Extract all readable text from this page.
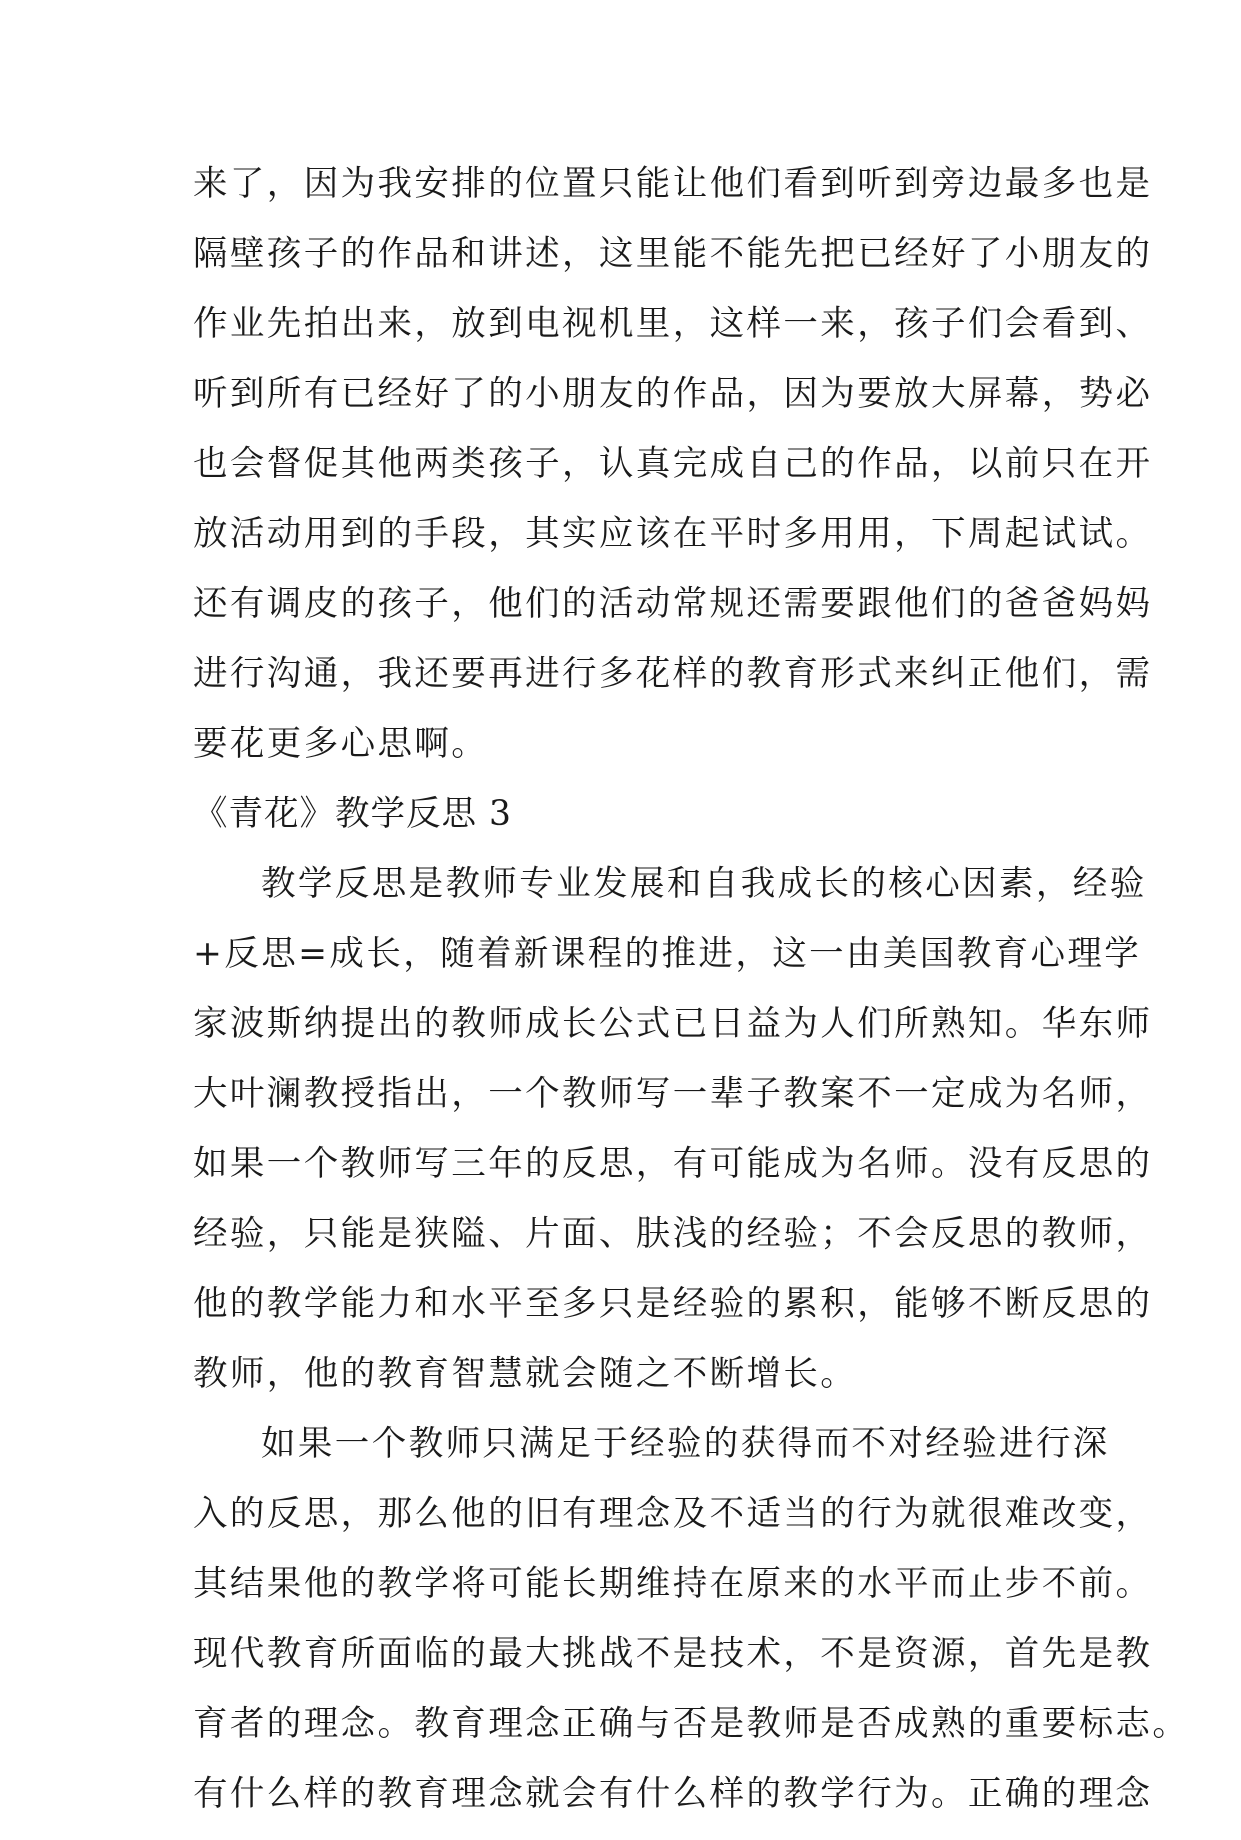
来了，因为我安排的位置只能让他们看到听到旁边最多也是
隔壁孩子的作品和讲述，这里能不能先把已经好了小朋友的
作业先拍出来，放到电视机里，这样一来，孩子们会看到、
听到所有已经好了的小朋友的作品，因为要放大屏幕，势必
也会督促其他两类孩子，认真完成自己的作品，以前只在开
放活动用到的手段，其实应该在平时多用用，下周起试试。
还有调皮的孩子，他们的活动常规还需要跟他们的爸爸妈妈
进行沟通，我还要再进行多花样的教育形式来纠正他们，需
要花更多心思啊。
《青花》教学反思 3
教学反思是教师专业发展和自我成长的核心因素，经验
+反思=成长，随着新课程的推进，这一由美国教育心理学
家波斯纳提出的教师成长公式已日益为人们所熟知。华东师
大叶澜教授指出，一个教师写一辈子教案不一定成为名师，
如果一个教师写三年的反思，有可能成为名师。没有反思的
经验，只能是狭隘、片面、肤浅的经验；不会反思的教师，
他的教学能力和水平至多只是经验的累积，能够不断反思的
教师，他的教育智慧就会随之不断增长。
如果一个教师只满足于经验的获得而不对经验进行深
入的反思，那么他的旧有理念及不适当的行为就很难改变，
其结果他的教学将可能长期维持在原来的水平而止步不前。
现代教育所面临的最大挑战不是技术，不是资源，首先是教
育者的理念。教育理念正确与否是教师是否成熟的重要标志。
有什么样的教育理念就会有什么样的教学行为。正确的理念
